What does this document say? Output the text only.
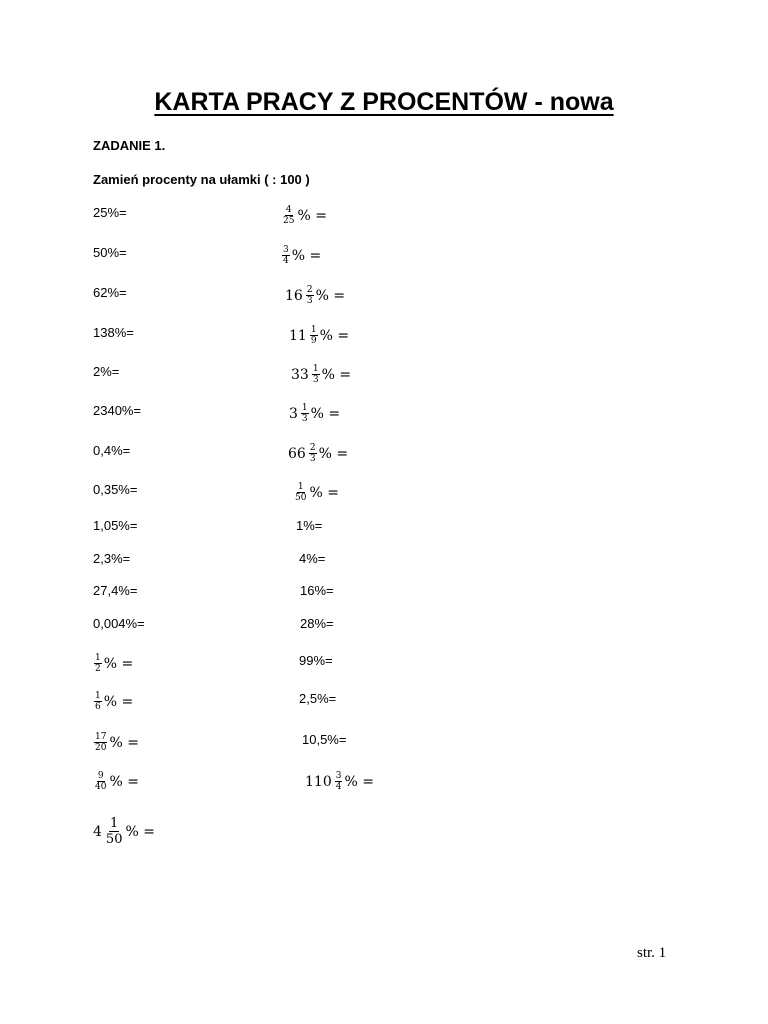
KARTA PRACY Z PROCENTÓW - nowa
ZADANIE 1.
Zamień procenty na ułamki ( : 100 )
25%=
50%=
62%=
138%=
2%=
2340%=
0,4%=
0,35%=
1,05%=
2,3%=
27,4%=
0,004%=
$\frac{1}{2}$ % =
$\frac{1}{6}$ % =
$\frac{17}{20}$ % =
$\frac{9}{40}$ % =
$4 \frac{1}{50}$ % =
$\frac{4}{25}$ % =
$\frac{3}{4}$ % =
$16 \frac{2}{3}$ % =
$11 \frac{1}{9}$ % =
$33 \frac{1}{3}$ % =
$3 \frac{1}{3}$ % =
$66 \frac{2}{3}$ % =
$\frac{1}{50}$ % =
1%=
4%=
16%=
28%=
99%=
2,5%=
10,5%=
$110 \frac{3}{4}$ % =
str. 1
